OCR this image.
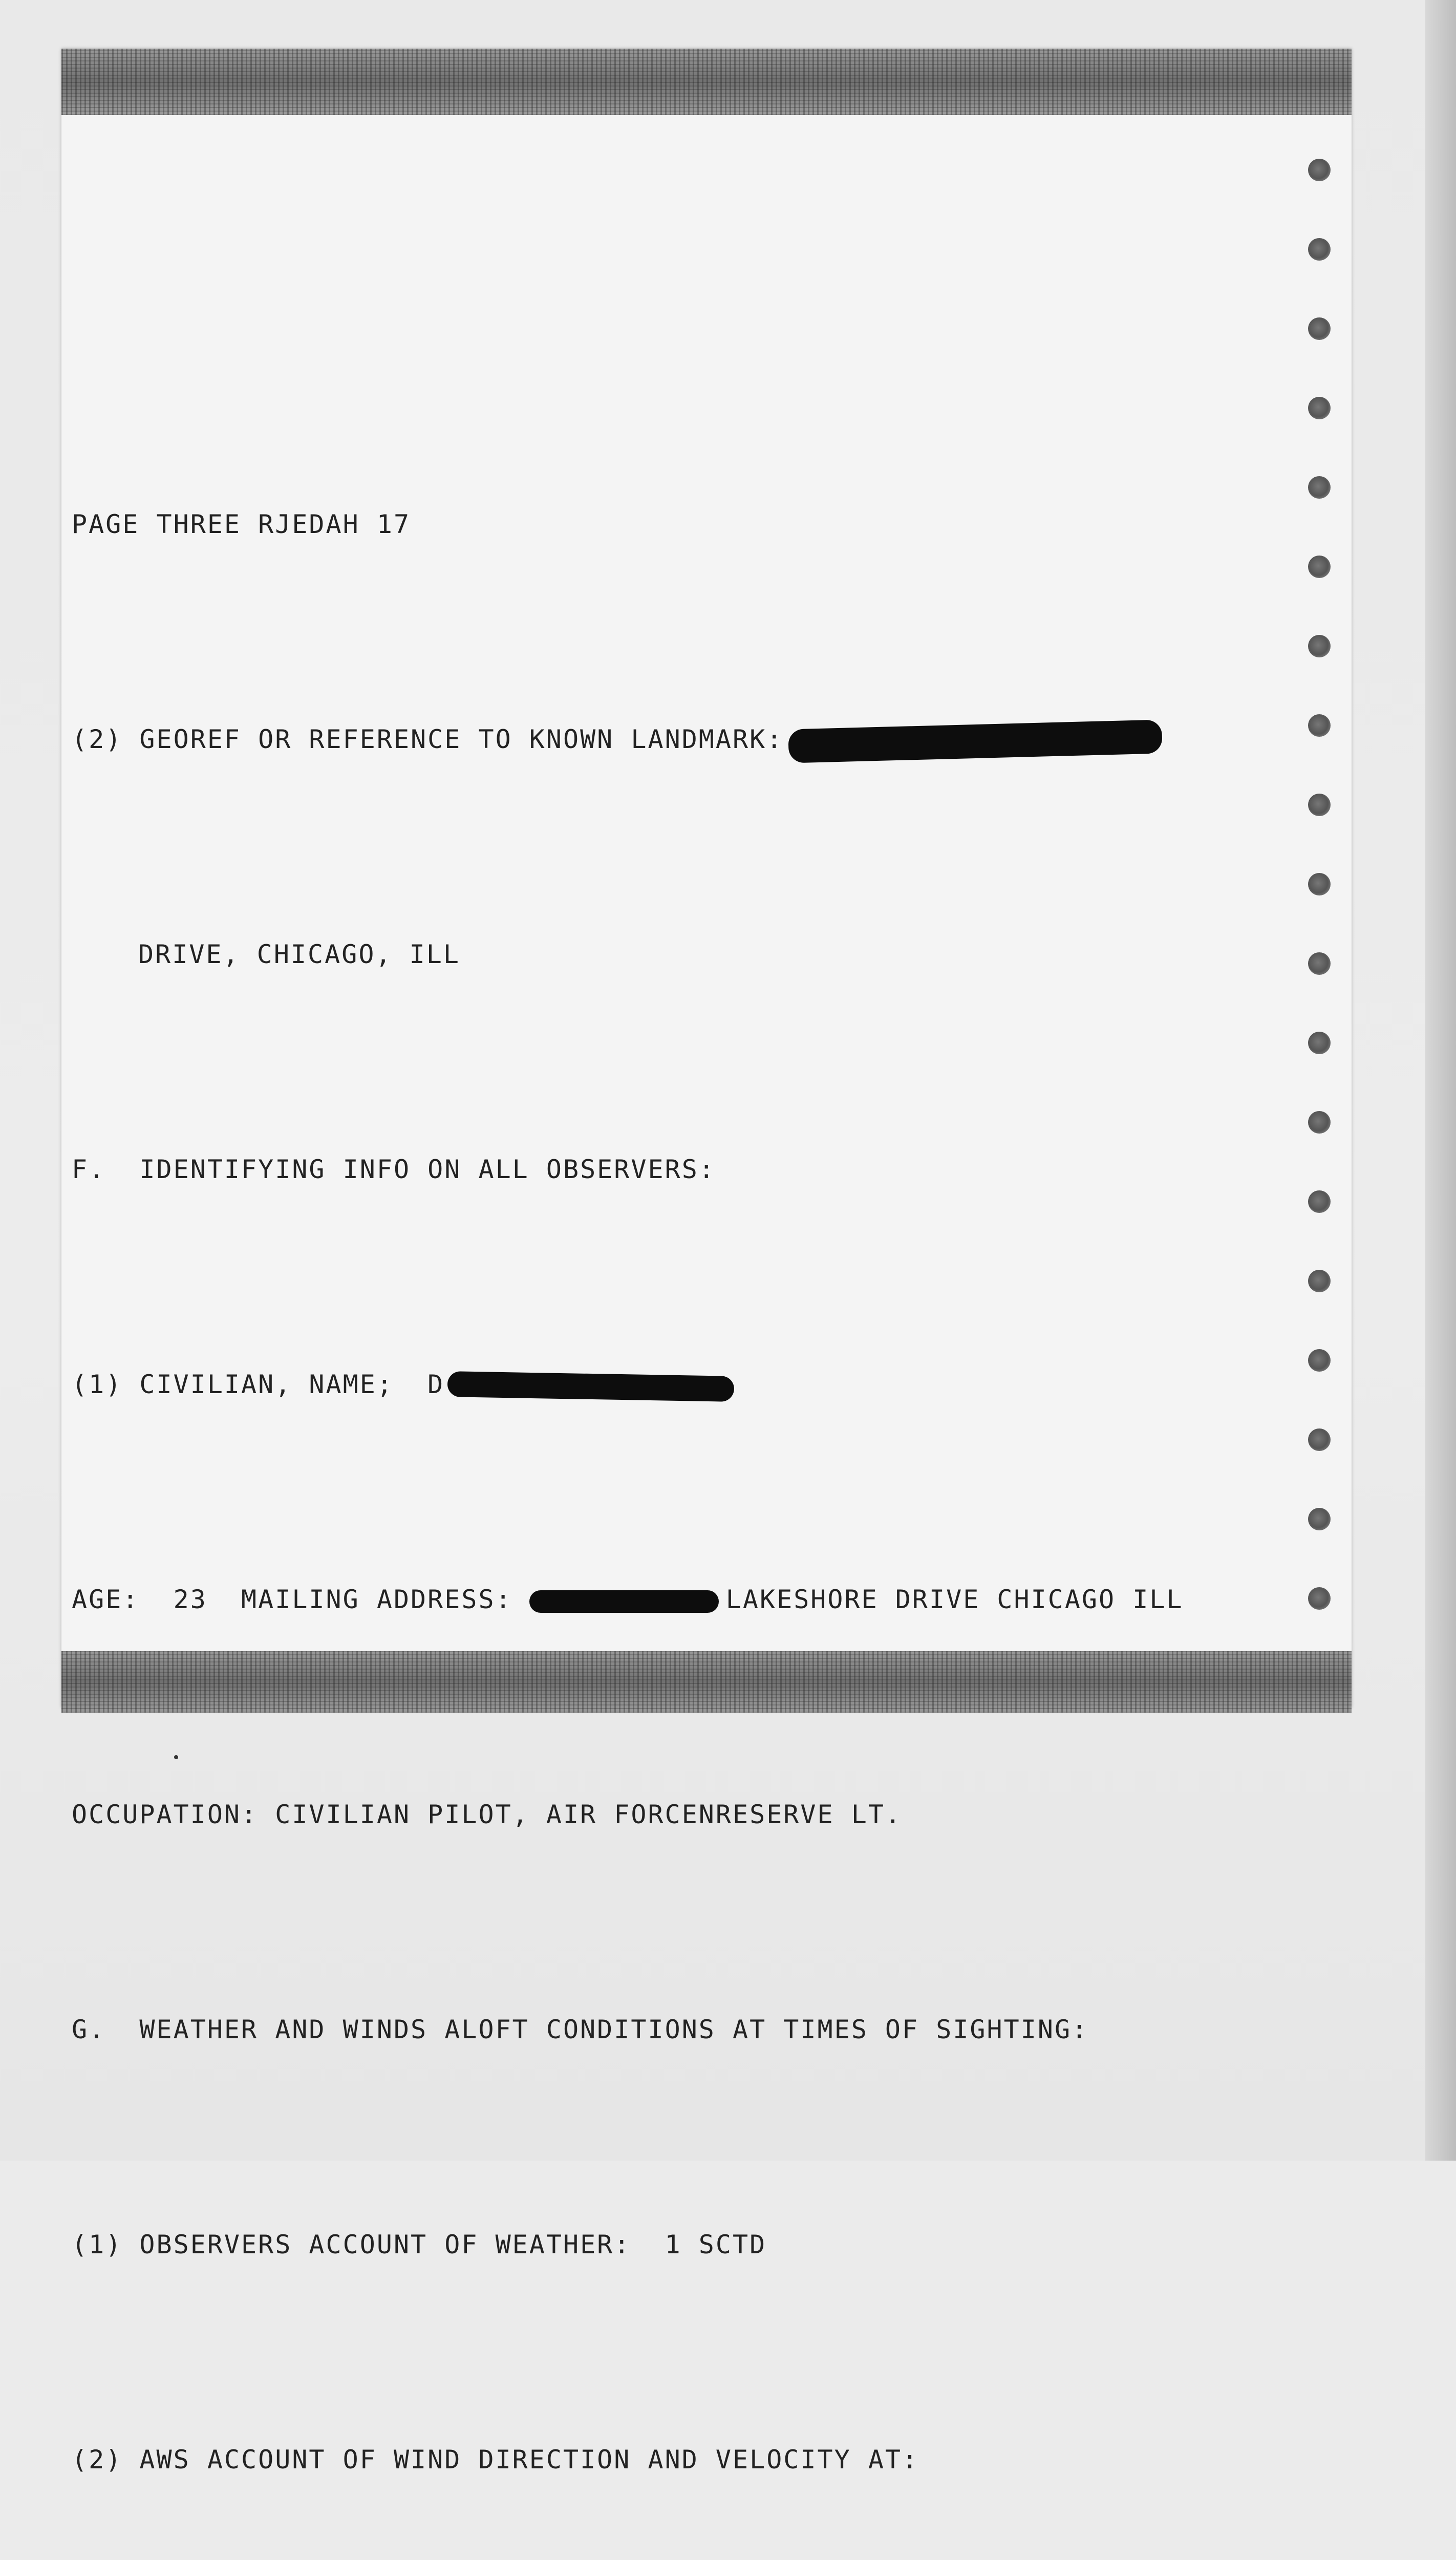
PAGE THREE RJEDAH 17

(2) GEOREF OR REFERENCE TO KNOWN LANDMARK:

DRIVE, CHICAGO, ILL

F.  IDENTIFYING INFO ON ALL OBSERVERS:

(1) CIVILIAN, NAME; D

AGE:  23  MAILING ADDRESS:	LAKESHORE DRIVE CHICAGO ILL

OCCUPATION: CIVILIAN PILOT, AIR FORCENRESERVE LT.

G.  WEATHER AND WINDS ALOFT CONDITIONS AT TIMES OF SIGHTING:

(1) OBSERVERS ACCOUNT OF WEATHER:  1 SCTD

(2) AWS ACCOUNT OF WIND DIRECTION AND VELOCITY AT:
